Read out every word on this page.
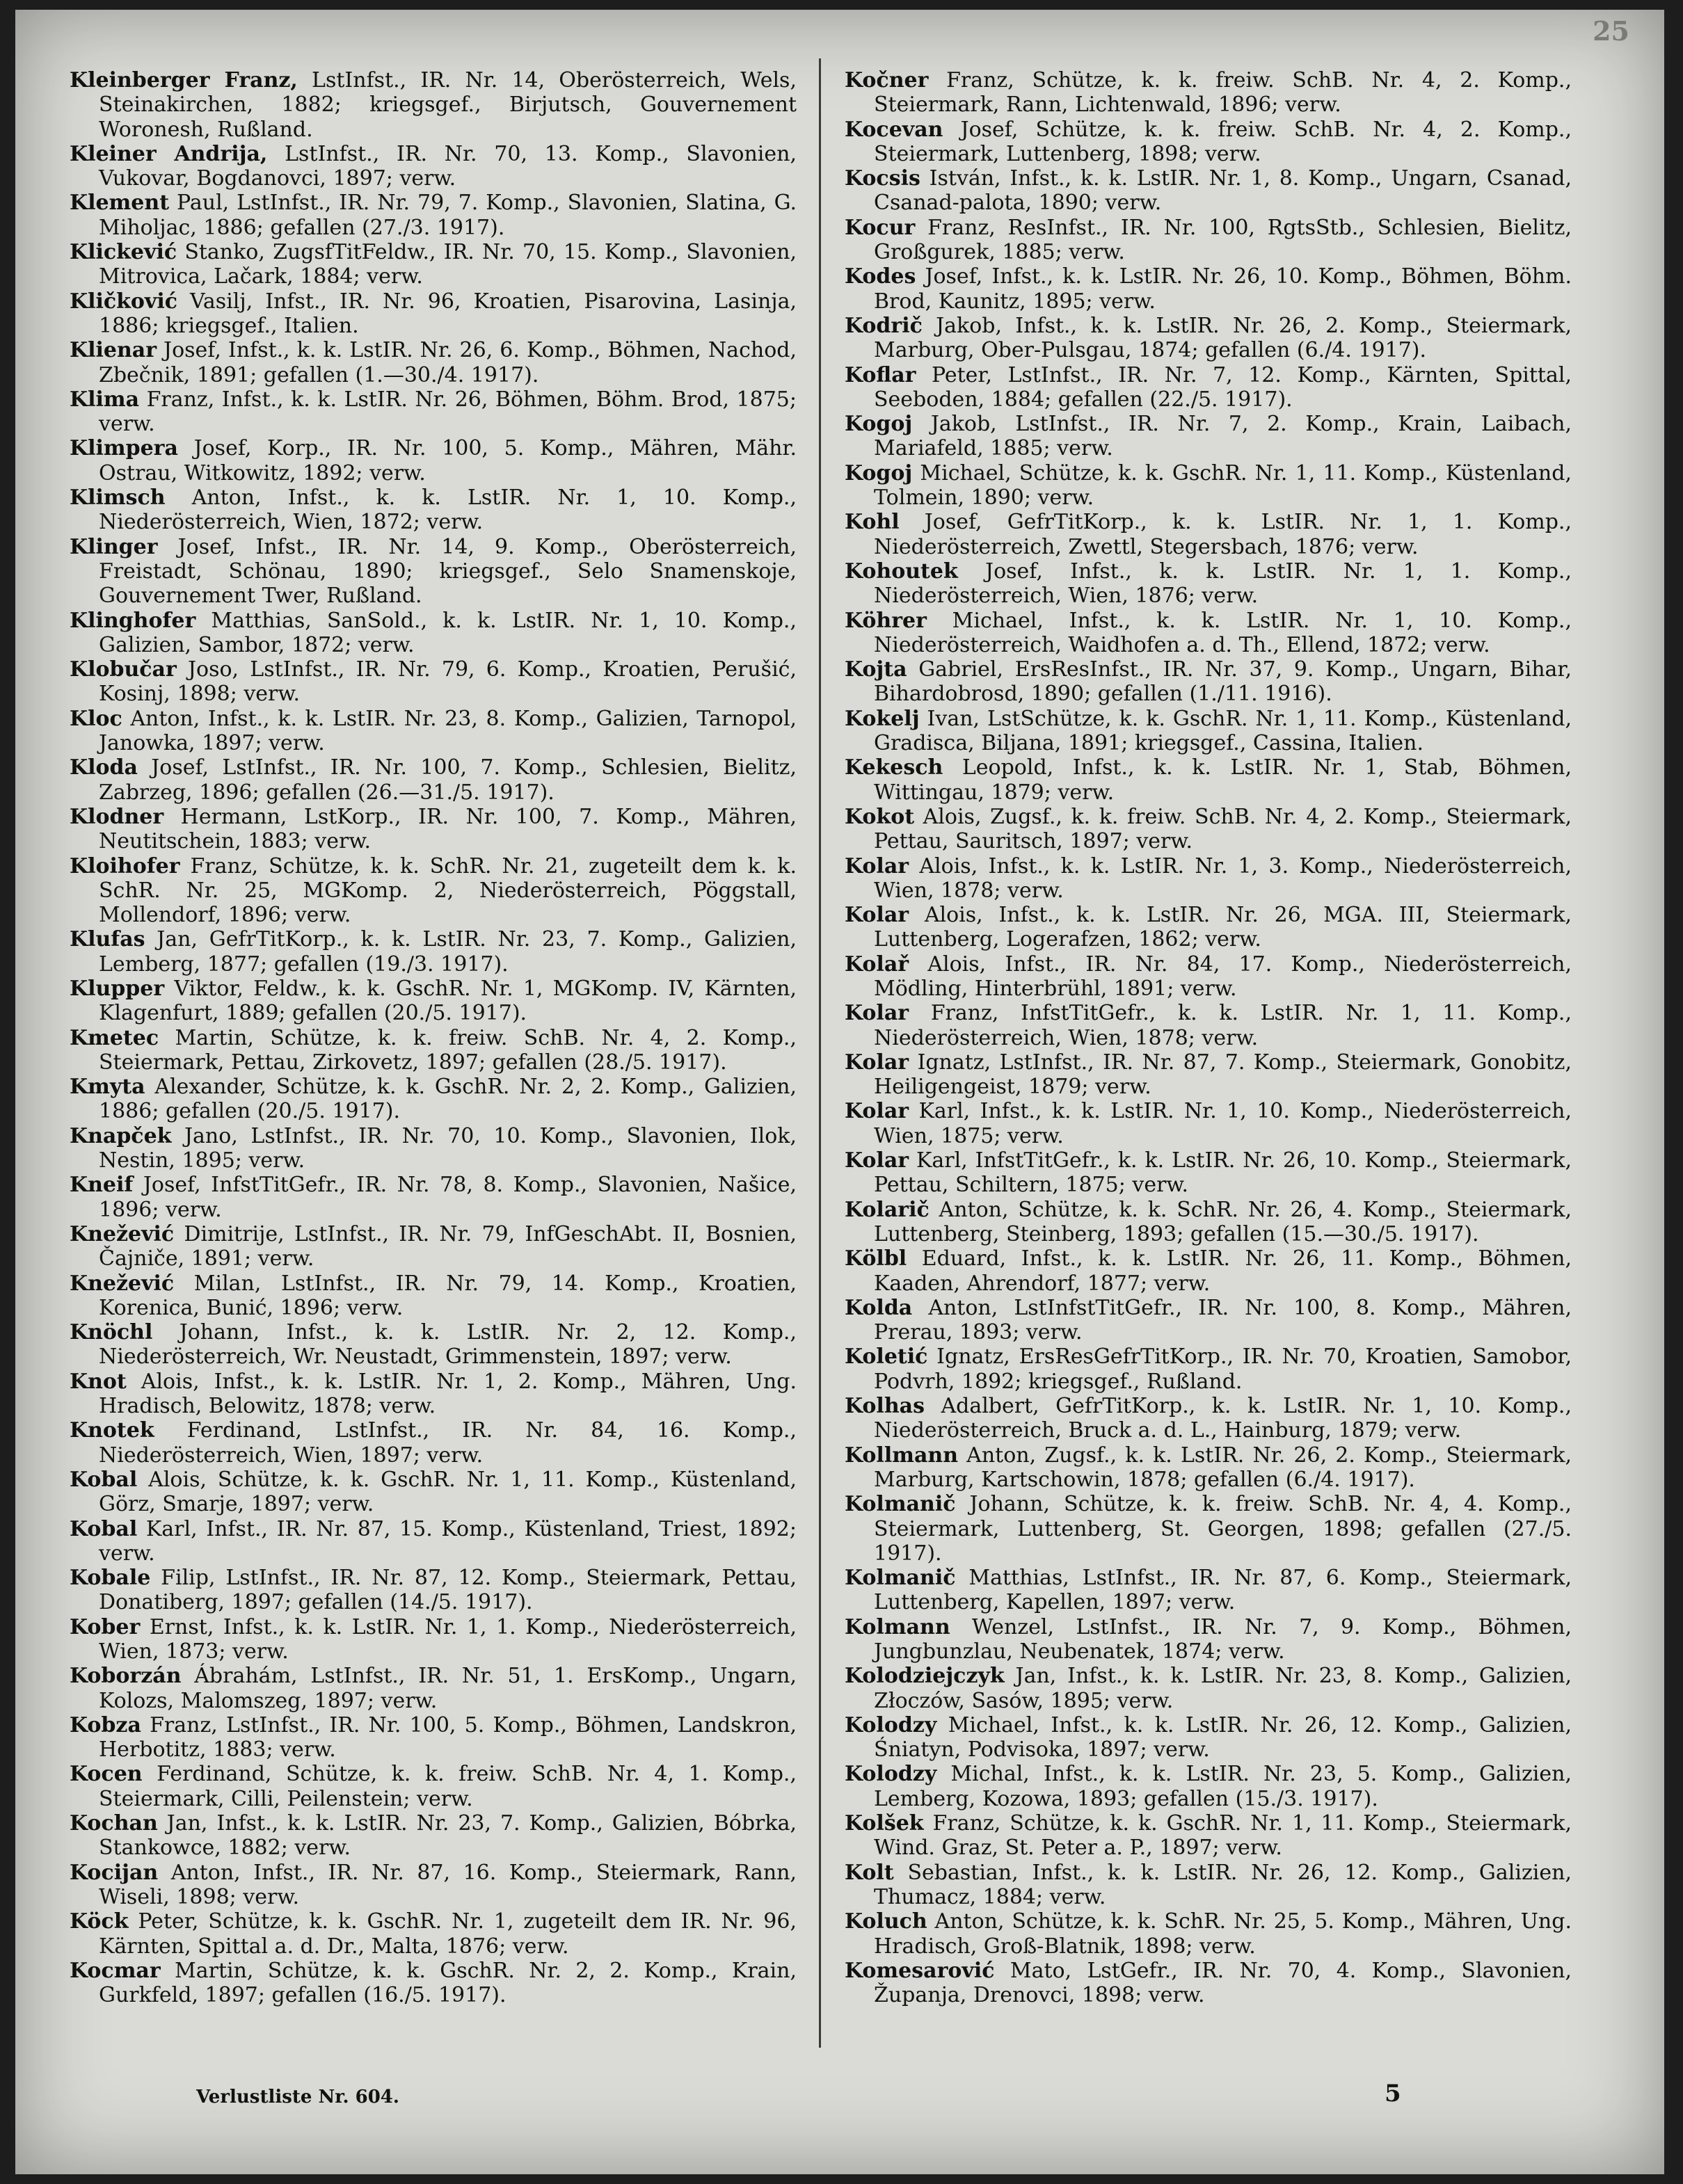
25

Kleinberger Franz, LstInfst., IR. Nr. 14, Oberösterreich, Wels, Steinakirchen, 1882; kriegsgef., Birjutsch, Gouvernement Woronesh, Rußland.

Kleiner Andrija, LstInfst., IR. Nr. 70, 13. Komp., Slavonien, Vukovar, Bogdanovci, 1897; verw.

Klement Paul, LstInfst., IR. Nr. 79, 7. Komp., Slavonien, Slatina, G. Miholjac, 1886; gefallen (27./3. 1917).

Klickević Stanko, ZugsfTitFeldw., IR. Nr. 70, 15. Komp., Slavonien, Mitrovica, Lačark, 1884; verw.

Kličković Vasilj, Infst., IR. Nr. 96, Kroatien, Pisarovina, Lasinja, 1886; kriegsgef., Italien.

Klienar Josef, Infst., k. k. LstIR. Nr. 26, 6. Komp., Böhmen, Nachod, Zbečnik, 1891; gefallen (1.—30./4. 1917).

Klima Franz, Infst., k. k. LstIR. Nr. 26, Böhmen, Böhm. Brod, 1875; verw.

Klimpera Josef, Korp., IR. Nr. 100, 5. Komp., Mähren, Mähr. Ostrau, Witkowitz, 1892; verw.

Klimsch Anton, Infst., k. k. LstIR. Nr. 1, 10. Komp., Niederösterreich, Wien, 1872; verw.

Klinger Josef, Infst., IR. Nr. 14, 9. Komp., Oberösterreich, Freistadt, Schönau, 1890; kriegsgef., Selo Snamenskoje, Gouvernement Twer, Rußland.

Klinghofer Matthias, SanSold., k. k. LstIR. Nr. 1, 10. Komp., Galizien, Sambor, 1872; verw.

Klobučar Joso, LstInfst., IR. Nr. 79, 6. Komp., Kroatien, Perušić, Kosinj, 1898; verw.

Kloc Anton, Infst., k. k. LstIR. Nr. 23, 8. Komp., Galizien, Tarnopol, Janowka, 1897; verw.

Kloda Josef, LstInfst., IR. Nr. 100, 7. Komp., Schlesien, Bielitz, Zabrzeg, 1896; gefallen (26.—31./5. 1917).

Klodner Hermann, LstKorp., IR. Nr. 100, 7. Komp., Mähren, Neutitschein, 1883; verw.

Kloihofer Franz, Schütze, k. k. SchR. Nr. 21, zugeteilt dem k. k. SchR. Nr. 25, MGKomp. 2, Niederösterreich, Pöggstall, Mollendorf, 1896; verw.

Klufas Jan, GefrTitKorp., k. k. LstIR. Nr. 23, 7. Komp., Galizien, Lemberg, 1877; gefallen (19./3. 1917).

Klupper Viktor, Feldw., k. k. GschR. Nr. 1, MGKomp. IV, Kärnten, Klagenfurt, 1889; gefallen (20./5. 1917).

Kmetec Martin, Schütze, k. k. freiw. SchB. Nr. 4, 2. Komp., Steiermark, Pettau, Zirkovetz, 1897; gefallen (28./5. 1917).

Kmyta Alexander, Schütze, k. k. GschR. Nr. 2, 2. Komp., Galizien, 1886; gefallen (20./5. 1917).

Knapček Jano, LstInfst., IR. Nr. 70, 10. Komp., Slavonien, Ilok, Nestin, 1895; verw.

Kneif Josef, InfstTitGefr., IR. Nr. 78, 8. Komp., Slavonien, Našice, 1896; verw.

Knežević Dimitrije, LstInfst., IR. Nr. 79, InfGeschAbt. II, Bosnien, Čajniče, 1891; verw.

Knežević Milan, LstInfst., IR. Nr. 79, 14. Komp., Kroatien, Korenica, Bunić, 1896; verw.

Knöchl Johann, Infst., k. k. LstIR. Nr. 2, 12. Komp., Niederösterreich, Wr. Neustadt, Grimmenstein, 1897; verw.

Knot Alois, Infst., k. k. LstIR. Nr. 1, 2. Komp., Mähren, Ung. Hradisch, Belowitz, 1878; verw.

Knotek Ferdinand, LstInfst., IR. Nr. 84, 16. Komp., Niederösterreich, Wien, 1897; verw.

Kobal Alois, Schütze, k. k. GschR. Nr. 1, 11. Komp., Küstenland, Görz, Smarje, 1897; verw.

Kobal Karl, Infst., IR. Nr. 87, 15. Komp., Küstenland, Triest, 1892; verw.

Kobale Filip, LstInfst., IR. Nr. 87, 12. Komp., Steiermark, Pettau, Donatiberg, 1897; gefallen (14./5. 1917).

Kober Ernst, Infst., k. k. LstIR. Nr. 1, 1. Komp., Niederösterreich, Wien, 1873; verw.

Koborzán Ábrahám, LstInfst., IR. Nr. 51, 1. ErsKomp., Ungarn, Kolozs, Malomszeg, 1897; verw.

Kobza Franz, LstInfst., IR. Nr. 100, 5. Komp., Böhmen, Landskron, Herbotitz, 1883; verw.

Kocen Ferdinand, Schütze, k. k. freiw. SchB. Nr. 4, 1. Komp., Steiermark, Cilli, Peilenstein; verw.

Kochan Jan, Infst., k. k. LstIR. Nr. 23, 7. Komp., Galizien, Bóbrka, Stankowce, 1882; verw.

Kocijan Anton, Infst., IR. Nr. 87, 16. Komp., Steiermark, Rann, Wiseli, 1898; verw.

Köck Peter, Schütze, k. k. GschR. Nr. 1, zugeteilt dem IR. Nr. 96, Kärnten, Spittal a. d. Dr., Malta, 1876; verw.

Kocmar Martin, Schütze, k. k. GschR. Nr. 2, 2. Komp., Krain, Gurkfeld, 1897; gefallen (16./5. 1917).

Kočner Franz, Schütze, k. k. freiw. SchB. Nr. 4, 2. Komp., Steiermark, Rann, Lichtenwald, 1896; verw.

Kocevan Josef, Schütze, k. k. freiw. SchB. Nr. 4, 2. Komp., Steiermark, Luttenberg, 1898; verw.

Kocsis István, Infst., k. k. LstIR. Nr. 1, 8. Komp., Ungarn, Csanad, Csanad-palota, 1890; verw.

Kocur Franz, ResInfst., IR. Nr. 100, RgtsStb., Schlesien, Bielitz, Großgurek, 1885; verw.

Kodes Josef, Infst., k. k. LstIR. Nr. 26, 10. Komp., Böhmen, Böhm. Brod, Kaunitz, 1895; verw.

Kodrič Jakob, Infst., k. k. LstIR. Nr. 26, 2. Komp., Steiermark, Marburg, Ober-Pulsgau, 1874; gefallen (6./4. 1917).

Koflar Peter, LstInfst., IR. Nr. 7, 12. Komp., Kärnten, Spittal, Seeboden, 1884; gefallen (22./5. 1917).

Kogoj Jakob, LstInfst., IR. Nr. 7, 2. Komp., Krain, Laibach, Mariafeld, 1885; verw.

Kogoj Michael, Schütze, k. k. GschR. Nr. 1, 11. Komp., Küstenland, Tolmein, 1890; verw.

Kohl Josef, GefrTitKorp., k. k. LstIR. Nr. 1, 1. Komp., Niederösterreich, Zwettl, Stegersbach, 1876; verw.

Kohoutek Josef, Infst., k. k. LstIR. Nr. 1, 1. Komp., Niederösterreich, Wien, 1876; verw.

Köhrer Michael, Infst., k. k. LstIR. Nr. 1, 10. Komp., Niederösterreich, Waidhofen a. d. Th., Ellend, 1872; verw.

Kojta Gabriel, ErsResInfst., IR. Nr. 37, 9. Komp., Ungarn, Bihar, Bihardobrosd, 1890; gefallen (1./11. 1916).

Kokelj Ivan, LstSchütze, k. k. GschR. Nr. 1, 11. Komp., Küstenland, Gradisca, Biljana, 1891; kriegsgef., Cassina, Italien.

Kekesch Leopold, Infst., k. k. LstIR. Nr. 1, Stab, Böhmen, Wittingau, 1879; verw.

Kokot Alois, Zugsf., k. k. freiw. SchB. Nr. 4, 2. Komp., Steiermark, Pettau, Sauritsch, 1897; verw.

Kolar Alois, Infst., k. k. LstIR. Nr. 1, 3. Komp., Niederösterreich, Wien, 1878; verw.

Kolar Alois, Infst., k. k. LstIR. Nr. 26, MGA. III, Steiermark, Luttenberg, Logerafzen, 1862; verw.

Kolař Alois, Infst., IR. Nr. 84, 17. Komp., Niederösterreich, Mödling, Hinterbrühl, 1891; verw.

Kolar Franz, InfstTitGefr., k. k. LstIR. Nr. 1, 11. Komp., Niederösterreich, Wien, 1878; verw.

Kolar Ignatz, LstInfst., IR. Nr. 87, 7. Komp., Steiermark, Gonobitz, Heiligengeist, 1879; verw.

Kolar Karl, Infst., k. k. LstIR. Nr. 1, 10. Komp., Niederösterreich, Wien, 1875; verw.

Kolar Karl, InfstTitGefr., k. k. LstIR. Nr. 26, 10. Komp., Steiermark, Pettau, Schiltern, 1875; verw.

Kolarič Anton, Schütze, k. k. SchR. Nr. 26, 4. Komp., Steiermark, Luttenberg, Steinberg, 1893; gefallen (15.—30./5. 1917).

Kölbl Eduard, Infst., k. k. LstIR. Nr. 26, 11. Komp., Böhmen, Kaaden, Ahrendorf, 1877; verw.

Kolda Anton, LstInfstTitGefr., IR. Nr. 100, 8. Komp., Mähren, Prerau, 1893; verw.

Koletić Ignatz, ErsResGefrTitKorp., IR. Nr. 70, Kroatien, Samobor, Podvrh, 1892; kriegsgef., Rußland.

Kolhas Adalbert, GefrTitKorp., k. k. LstIR. Nr. 1, 10. Komp., Niederösterreich, Bruck a. d. L., Hainburg, 1879; verw.

Kollmann Anton, Zugsf., k. k. LstIR. Nr. 26, 2. Komp., Steiermark, Marburg, Kartschowin, 1878; gefallen (6./4. 1917).

Kolmanič Johann, Schütze, k. k. freiw. SchB. Nr. 4, 4. Komp., Steiermark, Luttenberg, St. Georgen, 1898; gefallen (27./5. 1917).

Kolmanič Matthias, LstInfst., IR. Nr. 87, 6. Komp., Steiermark, Luttenberg, Kapellen, 1897; verw.

Kolmann Wenzel, LstInfst., IR. Nr. 7, 9. Komp., Böhmen, Jungbunzlau, Neubenatek, 1874; verw.

Kolodziejczyk Jan, Infst., k. k. LstIR. Nr. 23, 8. Komp., Galizien, Złoczów, Sasów, 1895; verw.

Kolodzy Michael, Infst., k. k. LstIR. Nr. 26, 12. Komp., Galizien, Śniatyn, Podvisoka, 1897; verw.

Kolodzy Michal, Infst., k. k. LstIR. Nr. 23, 5. Komp., Galizien, Lemberg, Kozowa, 1893; gefallen (15./3. 1917).

Kolšek Franz, Schütze, k. k. GschR. Nr. 1, 11. Komp., Steiermark, Wind. Graz, St. Peter a. P., 1897; verw.

Kolt Sebastian, Infst., k. k. LstIR. Nr. 26, 12. Komp., Galizien, Thumacz, 1884; verw.

Koluch Anton, Schütze, k. k. SchR. Nr. 25, 5. Komp., Mähren, Ung. Hradisch, Groß-Blatnik, 1898; verw.

Komesarović Mato, LstGefr., IR. Nr. 70, 4. Komp., Slavonien, Županja, Drenovci, 1898; verw.

Verlustliste Nr. 604.	5
